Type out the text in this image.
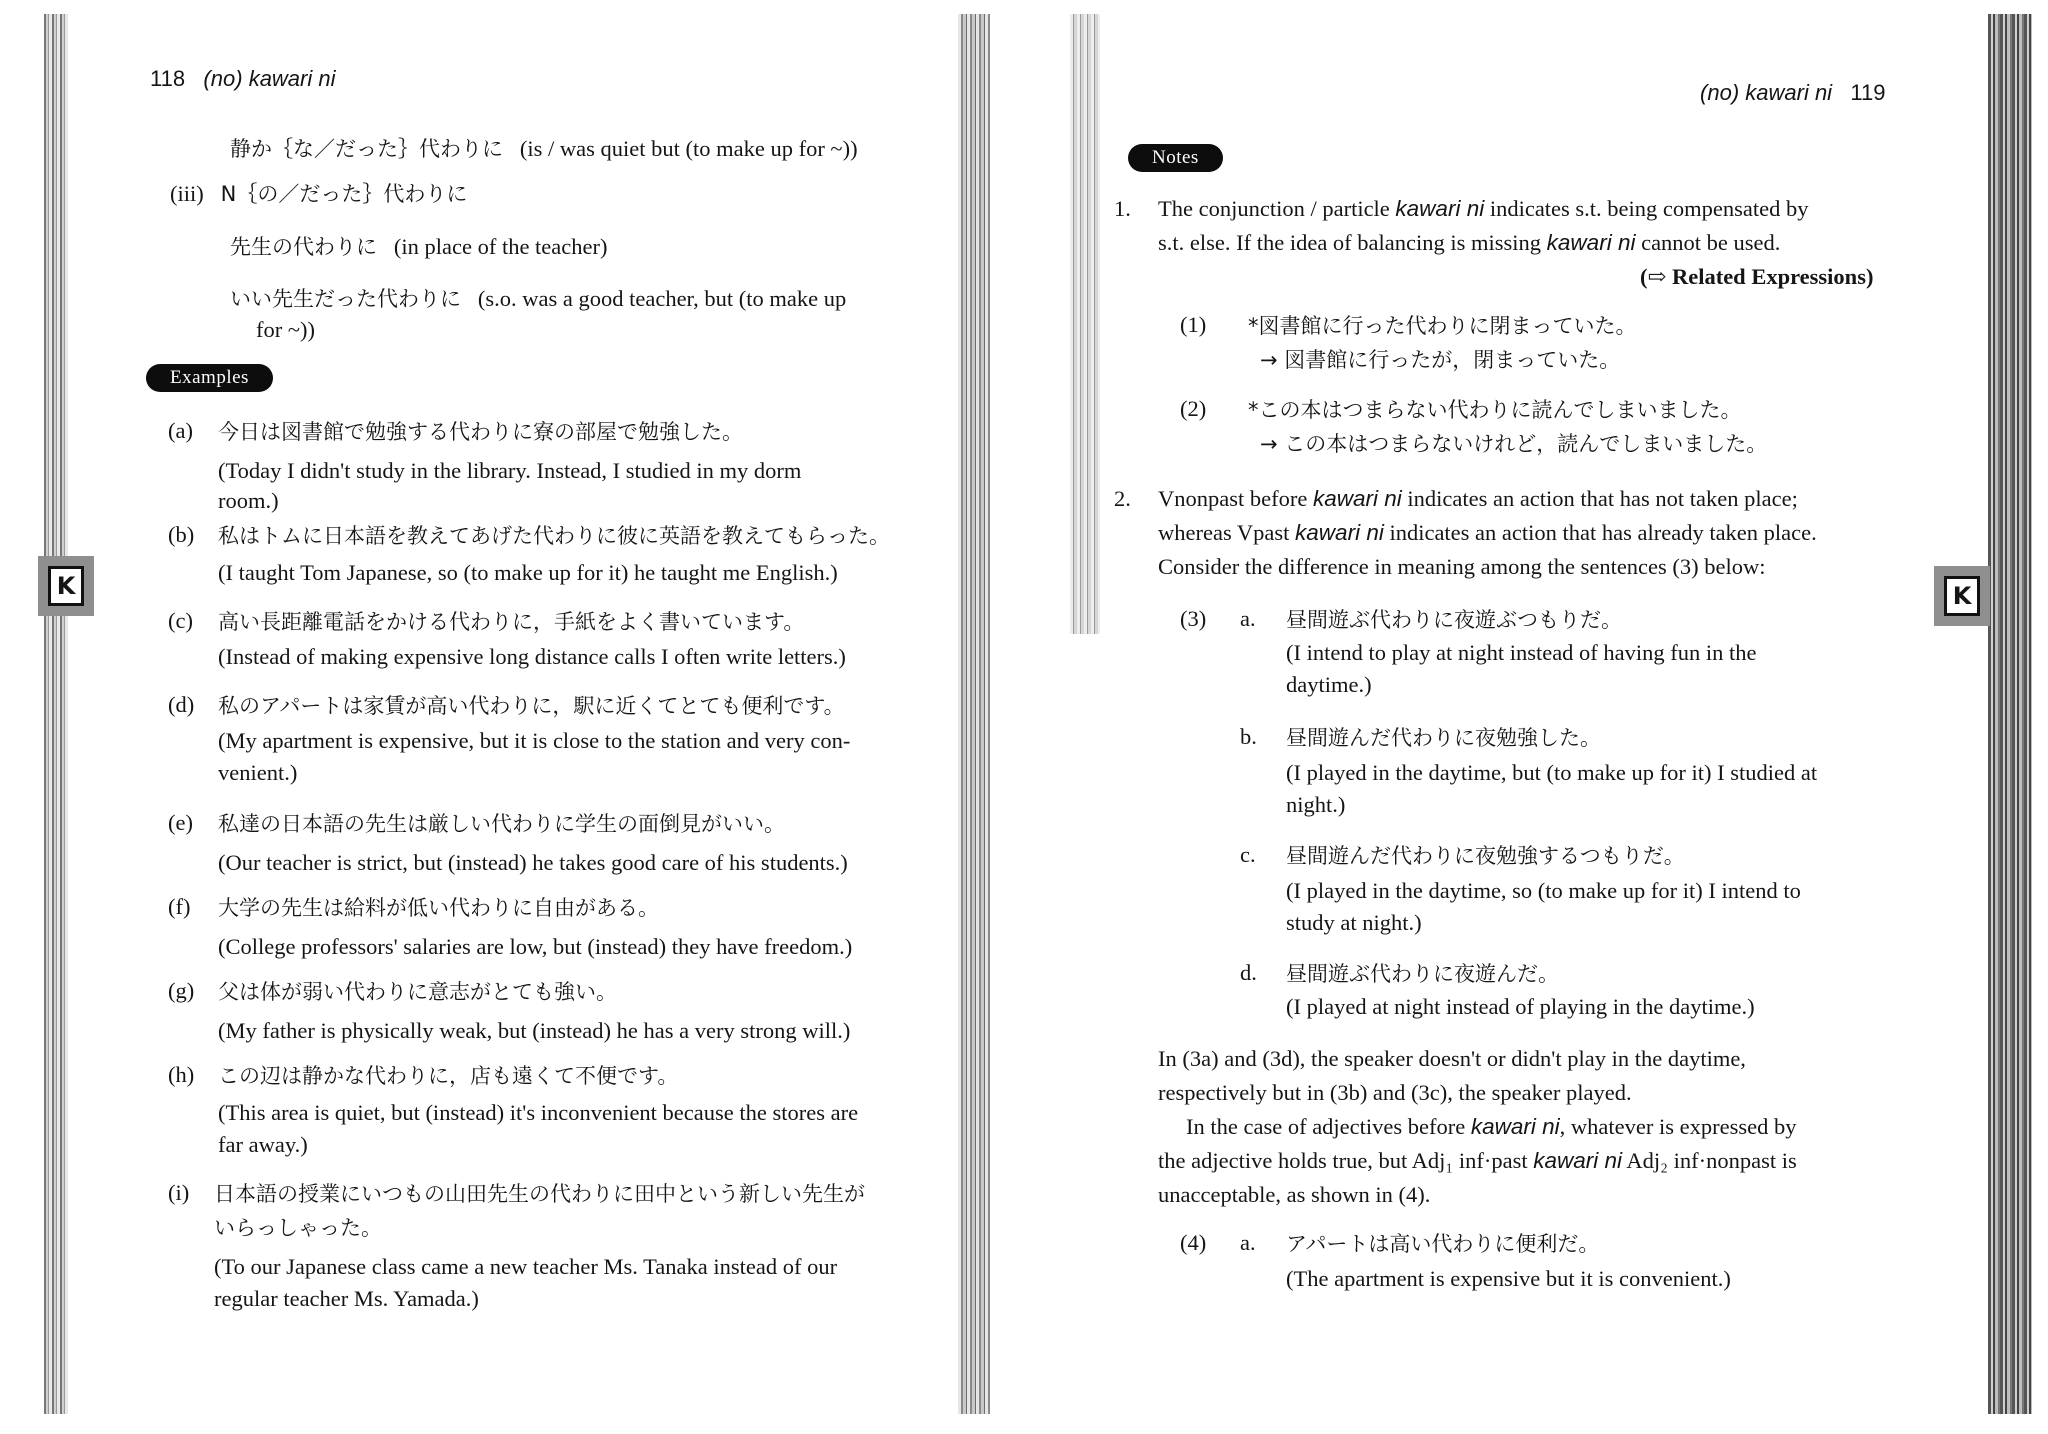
K
118 (no) kawari ni
静か｛な／だった｝代わりに (is / was quiet but (to make up for ~))
(iii) N｛の／だった｝代わりに
先生の代わりに (in place of the teacher)
いい先生だった代わりに (s.o. was a good teacher, but (to make up
for ~))
Examples
(a) 今日は図書館で勉強する代わりに寮の部屋で勉強した。
(Today I didn't study in the library. Instead, I studied in my dorm
room.)
(b) 私はトムに日本語を教えてあげた代わりに彼に英語を教えてもらった。
(I taught Tom Japanese, so (to make up for it) he taught me English.)
(c) 高い長距離電話をかける代わりに，手紙をよく書いています。
(Instead of making expensive long distance calls I often write letters.)
(d) 私のアパートは家賃が高い代わりに，駅に近くてとても便利です。
(My apartment is expensive, but it is close to the station and very con-
venient.)
(e) 私達の日本語の先生は厳しい代わりに学生の面倒見がいい。
(Our teacher is strict, but (instead) he takes good care of his students.)
(f) 大学の先生は給料が低い代わりに自由がある。
(College professors' salaries are low, but (instead) they have freedom.)
(g) 父は体が弱い代わりに意志がとても強い。
(My father is physically weak, but (instead) he has a very strong will.)
(h) この辺は静かな代わりに，店も遠くて不便です。
(This area is quiet, but (instead) it's inconvenient because the stores are
far away.)
(i) 日本語の授業にいつもの山田先生の代わりに田中という新しい先生が
いらっしゃった。
(To our Japanese class came a new teacher Ms. Tanaka instead of our
regular teacher Ms. Yamada.)
K
(no) kawari ni 119
Notes
1. The conjunction / particle kawari ni indicates s.t. being compensated by
s.t. else. If the idea of balancing is missing kawari ni cannot be used.
(⇨ Related Expressions)
(1) *図書館に行った代わりに閉まっていた。
→ 図書館に行ったが，閉まっていた。
(2) *この本はつまらない代わりに読んでしまいました。
→ この本はつまらないけれど，読んでしまいました。
2. Vnonpast before kawari ni indicates an action that has not taken place;
whereas Vpast kawari ni indicates an action that has already taken place.
Consider the difference in meaning among the sentences (3) below:
(3) a. 昼間遊ぶ代わりに夜遊ぶつもりだ。
(I intend to play at night instead of having fun in the
daytime.)
b. 昼間遊んだ代わりに夜勉強した。
(I played in the daytime, but (to make up for it) I studied at
night.)
c. 昼間遊んだ代わりに夜勉強するつもりだ。
(I played in the daytime, so (to make up for it) I intend to
study at night.)
d. 昼間遊ぶ代わりに夜遊んだ。
(I played at night instead of playing in the daytime.)
In (3a) and (3d), the speaker doesn't or didn't play in the daytime,
respectively but in (3b) and (3c), the speaker played.
In the case of adjectives before kawari ni, whatever is expressed by
the adjective holds true, but Adj₁ inf·past kawari ni Adj₂ inf·nonpast is
unacceptable, as shown in (4).
(4) a. アパートは高い代わりに便利だ。
(The apartment is expensive but it is convenient.)
